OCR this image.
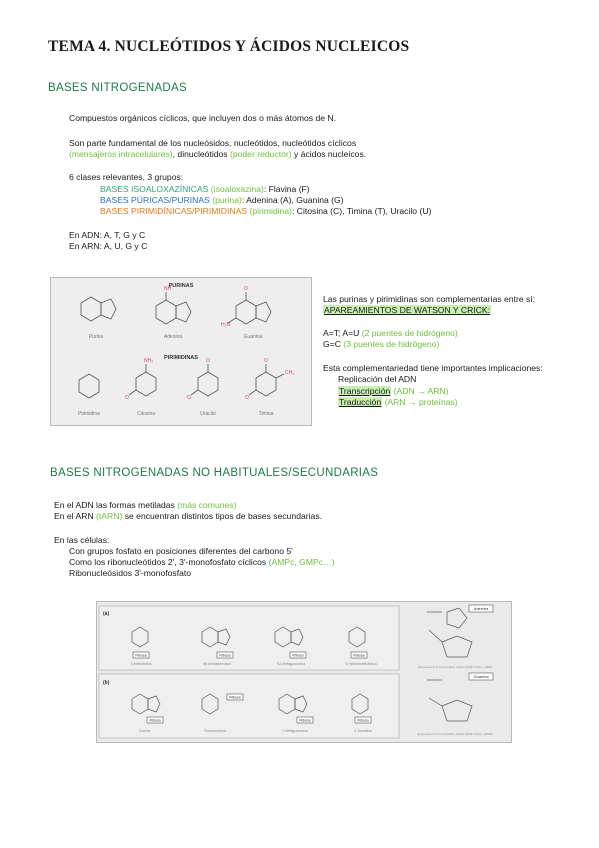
TEMA 4. NUCLEÓTIDOS Y ÁCIDOS NUCLEICOS
BASES NITROGENADAS
Compuestos orgánicos cíclicos, que incluyen dos o más átomos de N.
Son parte fundamental de los nucleósidos, nucleótidos, nucleótidos cíclicos
(mensajeros intracelulares), dinucleótidos (poder reductor) y ácidos nucleicos.
6 clases relevantes, 3 grupos:
BASES ISOALOXAZÍNICAS (isoaloxazina): Flavina (F)
BASES PÚRICAS/PURINAS (purina): Adenina (A), Guanina (G)
BASES PIRIMIDÍNICAS/PIRIMIDINAS (pirimidina): Citosina (C), Timina (T), Uracilo (U)
En ADN: A, T, G y C
En ARN: A, U, G y C
PURINAS
PIRIMIDINAS
NH	O
H₂N
NH₂
O
O
O
O
O
CH₃
Purina	Adenina	Guanina
Pirimidina	Citosina	Uracilo	Timina
Las purinas y pirimidinas son complementarias entre sí:
APAREAMIENTOS DE WATSON Y CRICK:
A=T; A=U (2 puentes de hidrógeno)
G=C (3 puentes de hidrógeno)
Esta complementariedad tiene importantes implicaciones:
Replicación del ADN
Transcripción (ADN → ARN)
Traducción (ARN → proteínas)
BASES NITROGENADAS NO HABITUALES/SECUNDARIAS
En el ADN las formas metiladas (más comunes)
En el ARN (tARN) se encuentran distintos tipos de bases secundarias.
En las células:
Con grupos fosfato en posiciones diferentes del carbono 5'
Como los ribonucleótidos 2', 3'-monofosfato cíclicos (AMPc, GMPc…)
Ribonucleósidos 3'-monofosfato
(a)
(b)
Ribosa	Ribosa	Ribosa	Ribosa
Ribosa
Ribosa
Ribosa	Ribosa
5-Metilcitidina	N6-Metiladenosina	N2-Metilguanosina	5-Hidroximetilcitidina
Inosina	Pseudouridina	7-Metilguanosina	4-Tiouridina
Adenina
Guanina
Adenosina 3',5'-monofosfato cíclico (AMP cíclico, cAMP)
Guanosina 3',5'-monofosfato cíclico (GMP cíclico, cGMP)
